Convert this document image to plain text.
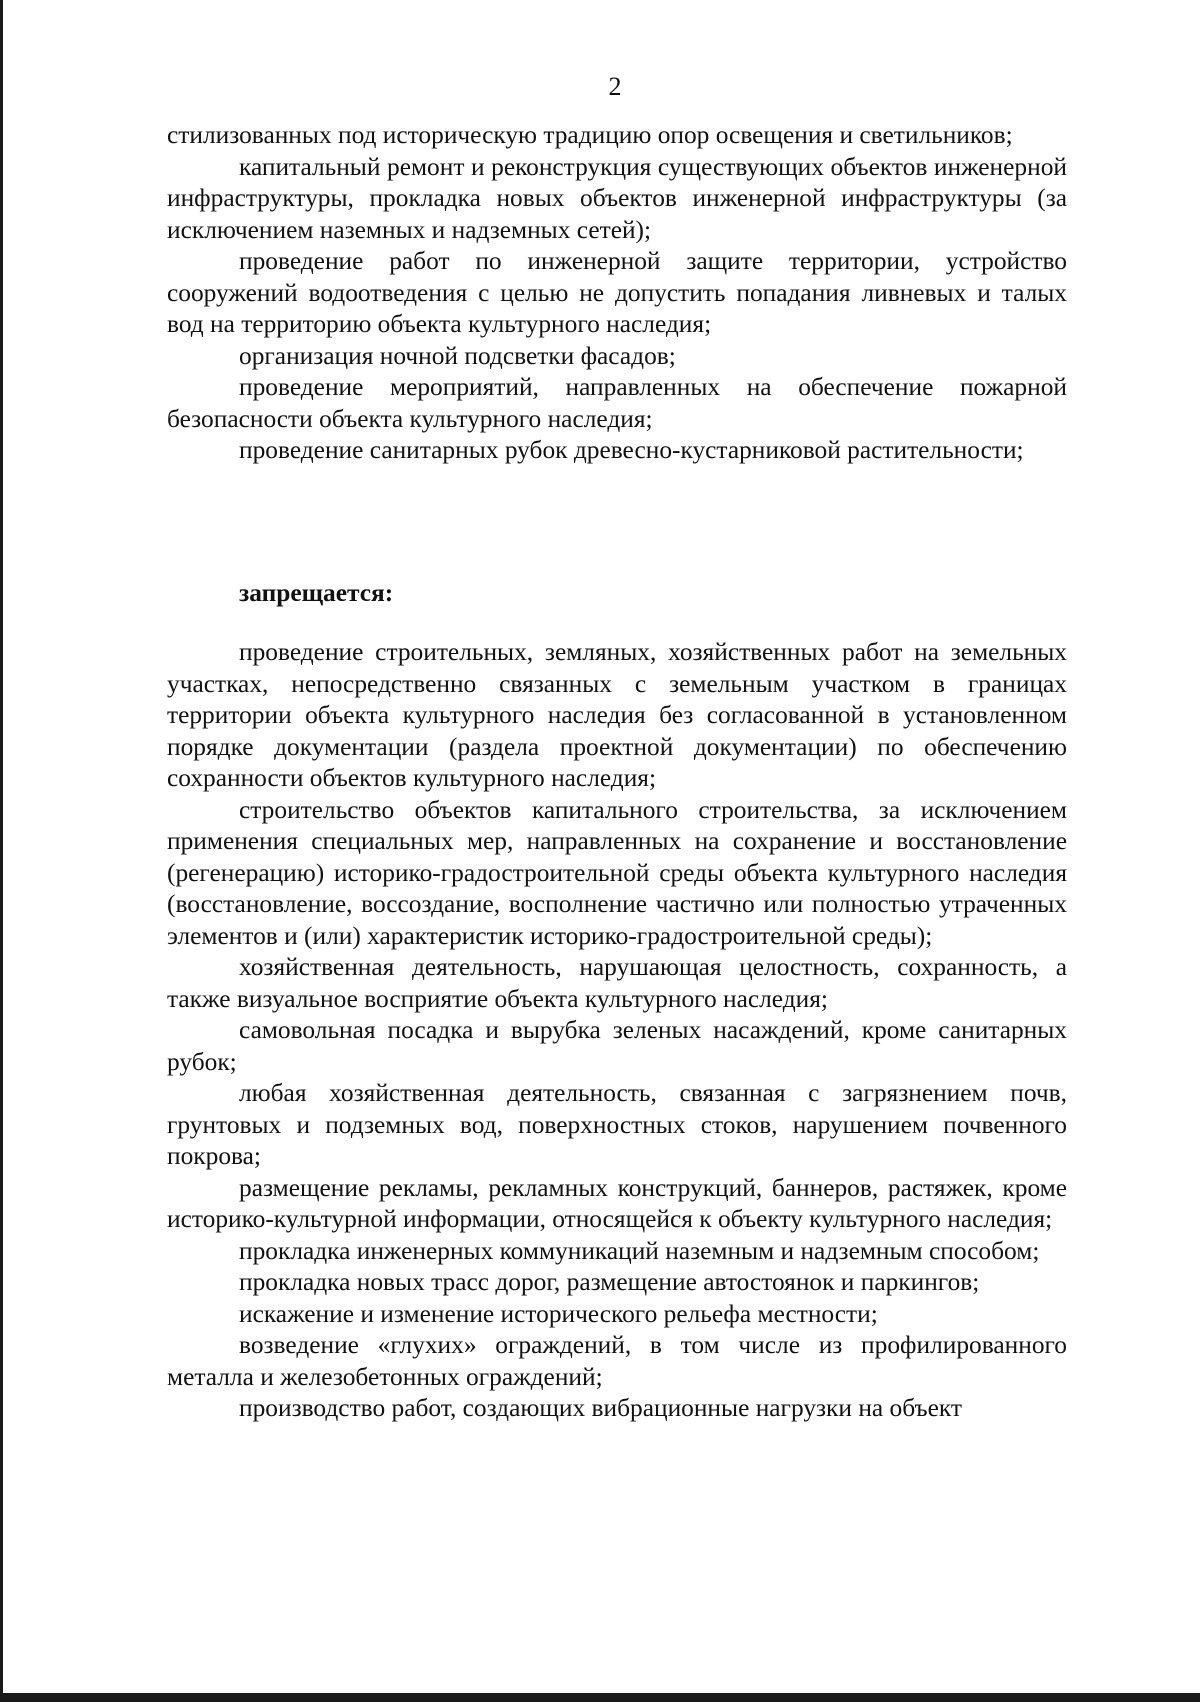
2

стилизованных под историческую традицию опор освещения и светильников;

капитальный ремонт и реконструкция существующих объектов инженерной инфраструктуры, прокладка новых объектов инженерной инфраструктуры (за исключением наземных и надземных сетей);

проведение работ по инженерной защите территории, устройство сооружений водоотведения с целью не допустить попадания ливневых и талых вод на территорию объекта культурного наследия;

организация ночной подсветки фасадов;

проведение мероприятий, направленных на обеспечение пожарной безопасности объекта культурного наследия;

проведение санитарных рубок древесно-кустарниковой растительности;

запрещается:

проведение строительных, земляных, хозяйственных работ на земельных участках, непосредственно связанных с земельным участком в границах территории объекта культурного наследия без согласованной в установленном порядке документации (раздела проектной документации) по обеспечению сохранности объектов культурного наследия;

строительство объектов капитального строительства, за исключением применения специальных мер, направленных на сохранение и восстановление (регенерацию) историко-градостроительной среды объекта культурного наследия (восстановление, воссоздание, восполнение частично или полностью утраченных элементов и (или) характеристик историко-градостроительной среды);

хозяйственная деятельность, нарушающая целостность, сохранность, а также визуальное восприятие объекта культурного наследия;

самовольная посадка и вырубка зеленых насаждений, кроме санитарных рубок;

любая хозяйственная деятельность, связанная с загрязнением почв, грунтовых и подземных вод, поверхностных стоков, нарушением почвенного покрова;

размещение рекламы, рекламных конструкций, баннеров, растяжек, кроме историко-культурной информации, относящейся к объекту культурного наследия;

прокладка инженерных коммуникаций наземным и надземным способом;

прокладка новых трасс дорог, размещение автостоянок и паркингов;

искажение и изменение исторического рельефа местности;

возведение «глухих» ограждений, в том числе из профилированного металла и железобетонных ограждений;

производство работ, создающих вибрационные нагрузки на объект
